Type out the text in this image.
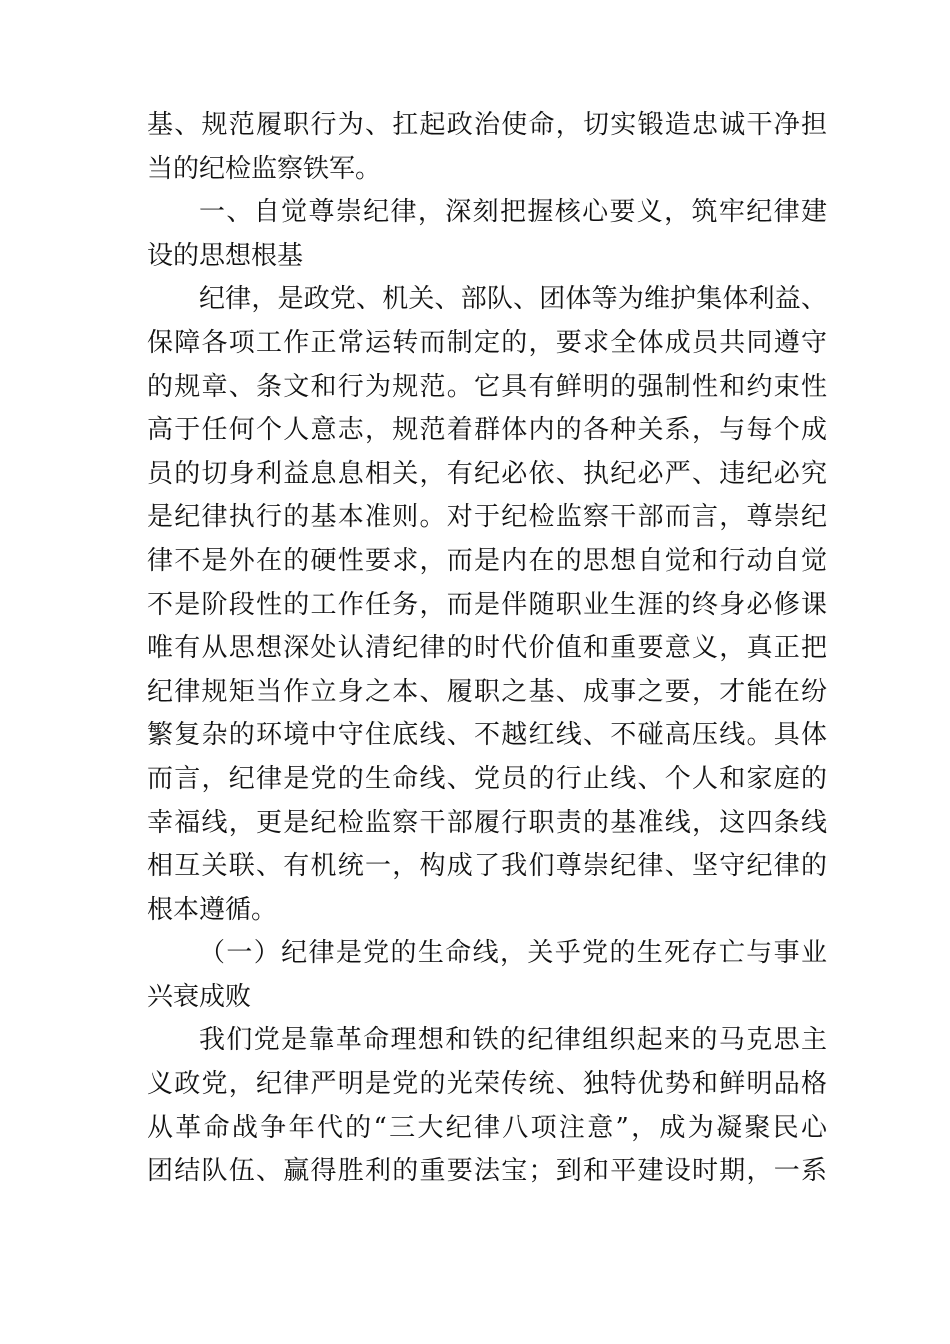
基、规范履职行为、扛起政治使命，切实锻造忠诚干净担
当的纪检监察铁军。
一、自觉尊崇纪律，深刻把握核心要义，筑牢纪律建
设的思想根基
纪律，是政党、机关、部队、团体等为维护集体利益、
保障各项工作正常运转而制定的，要求全体成员共同遵守
的规章、条文和行为规范。它具有鲜明的强制性和约束性
高于任何个人意志，规范着群体内的各种关系，与每个成
员的切身利益息息相关，有纪必依、执纪必严、违纪必究
是纪律执行的基本准则。对于纪检监察干部而言，尊崇纪
律不是外在的硬性要求，而是内在的思想自觉和行动自觉
不是阶段性的工作任务，而是伴随职业生涯的终身必修课
唯有从思想深处认清纪律的时代价值和重要意义，真正把
纪律规矩当作立身之本、履职之基、成事之要，才能在纷
繁复杂的环境中守住底线、不越红线、不碰高压线。具体
而言，纪律是党的生命线、党员的行止线、个人和家庭的
幸福线，更是纪检监察干部履行职责的基准线，这四条线
相互关联、有机统一，构成了我们尊崇纪律、坚守纪律的
根本遵循。
（一）纪律是党的生命线，关乎党的生死存亡与事业
兴衰成败
我们党是靠革命理想和铁的纪律组织起来的马克思主
义政党，纪律严明是党的光荣传统、独特优势和鲜明品格
从革命战争年代的“三大纪律八项注意”，成为凝聚民心
团结队伍、赢得胜利的重要法宝；到和平建设时期，一系
